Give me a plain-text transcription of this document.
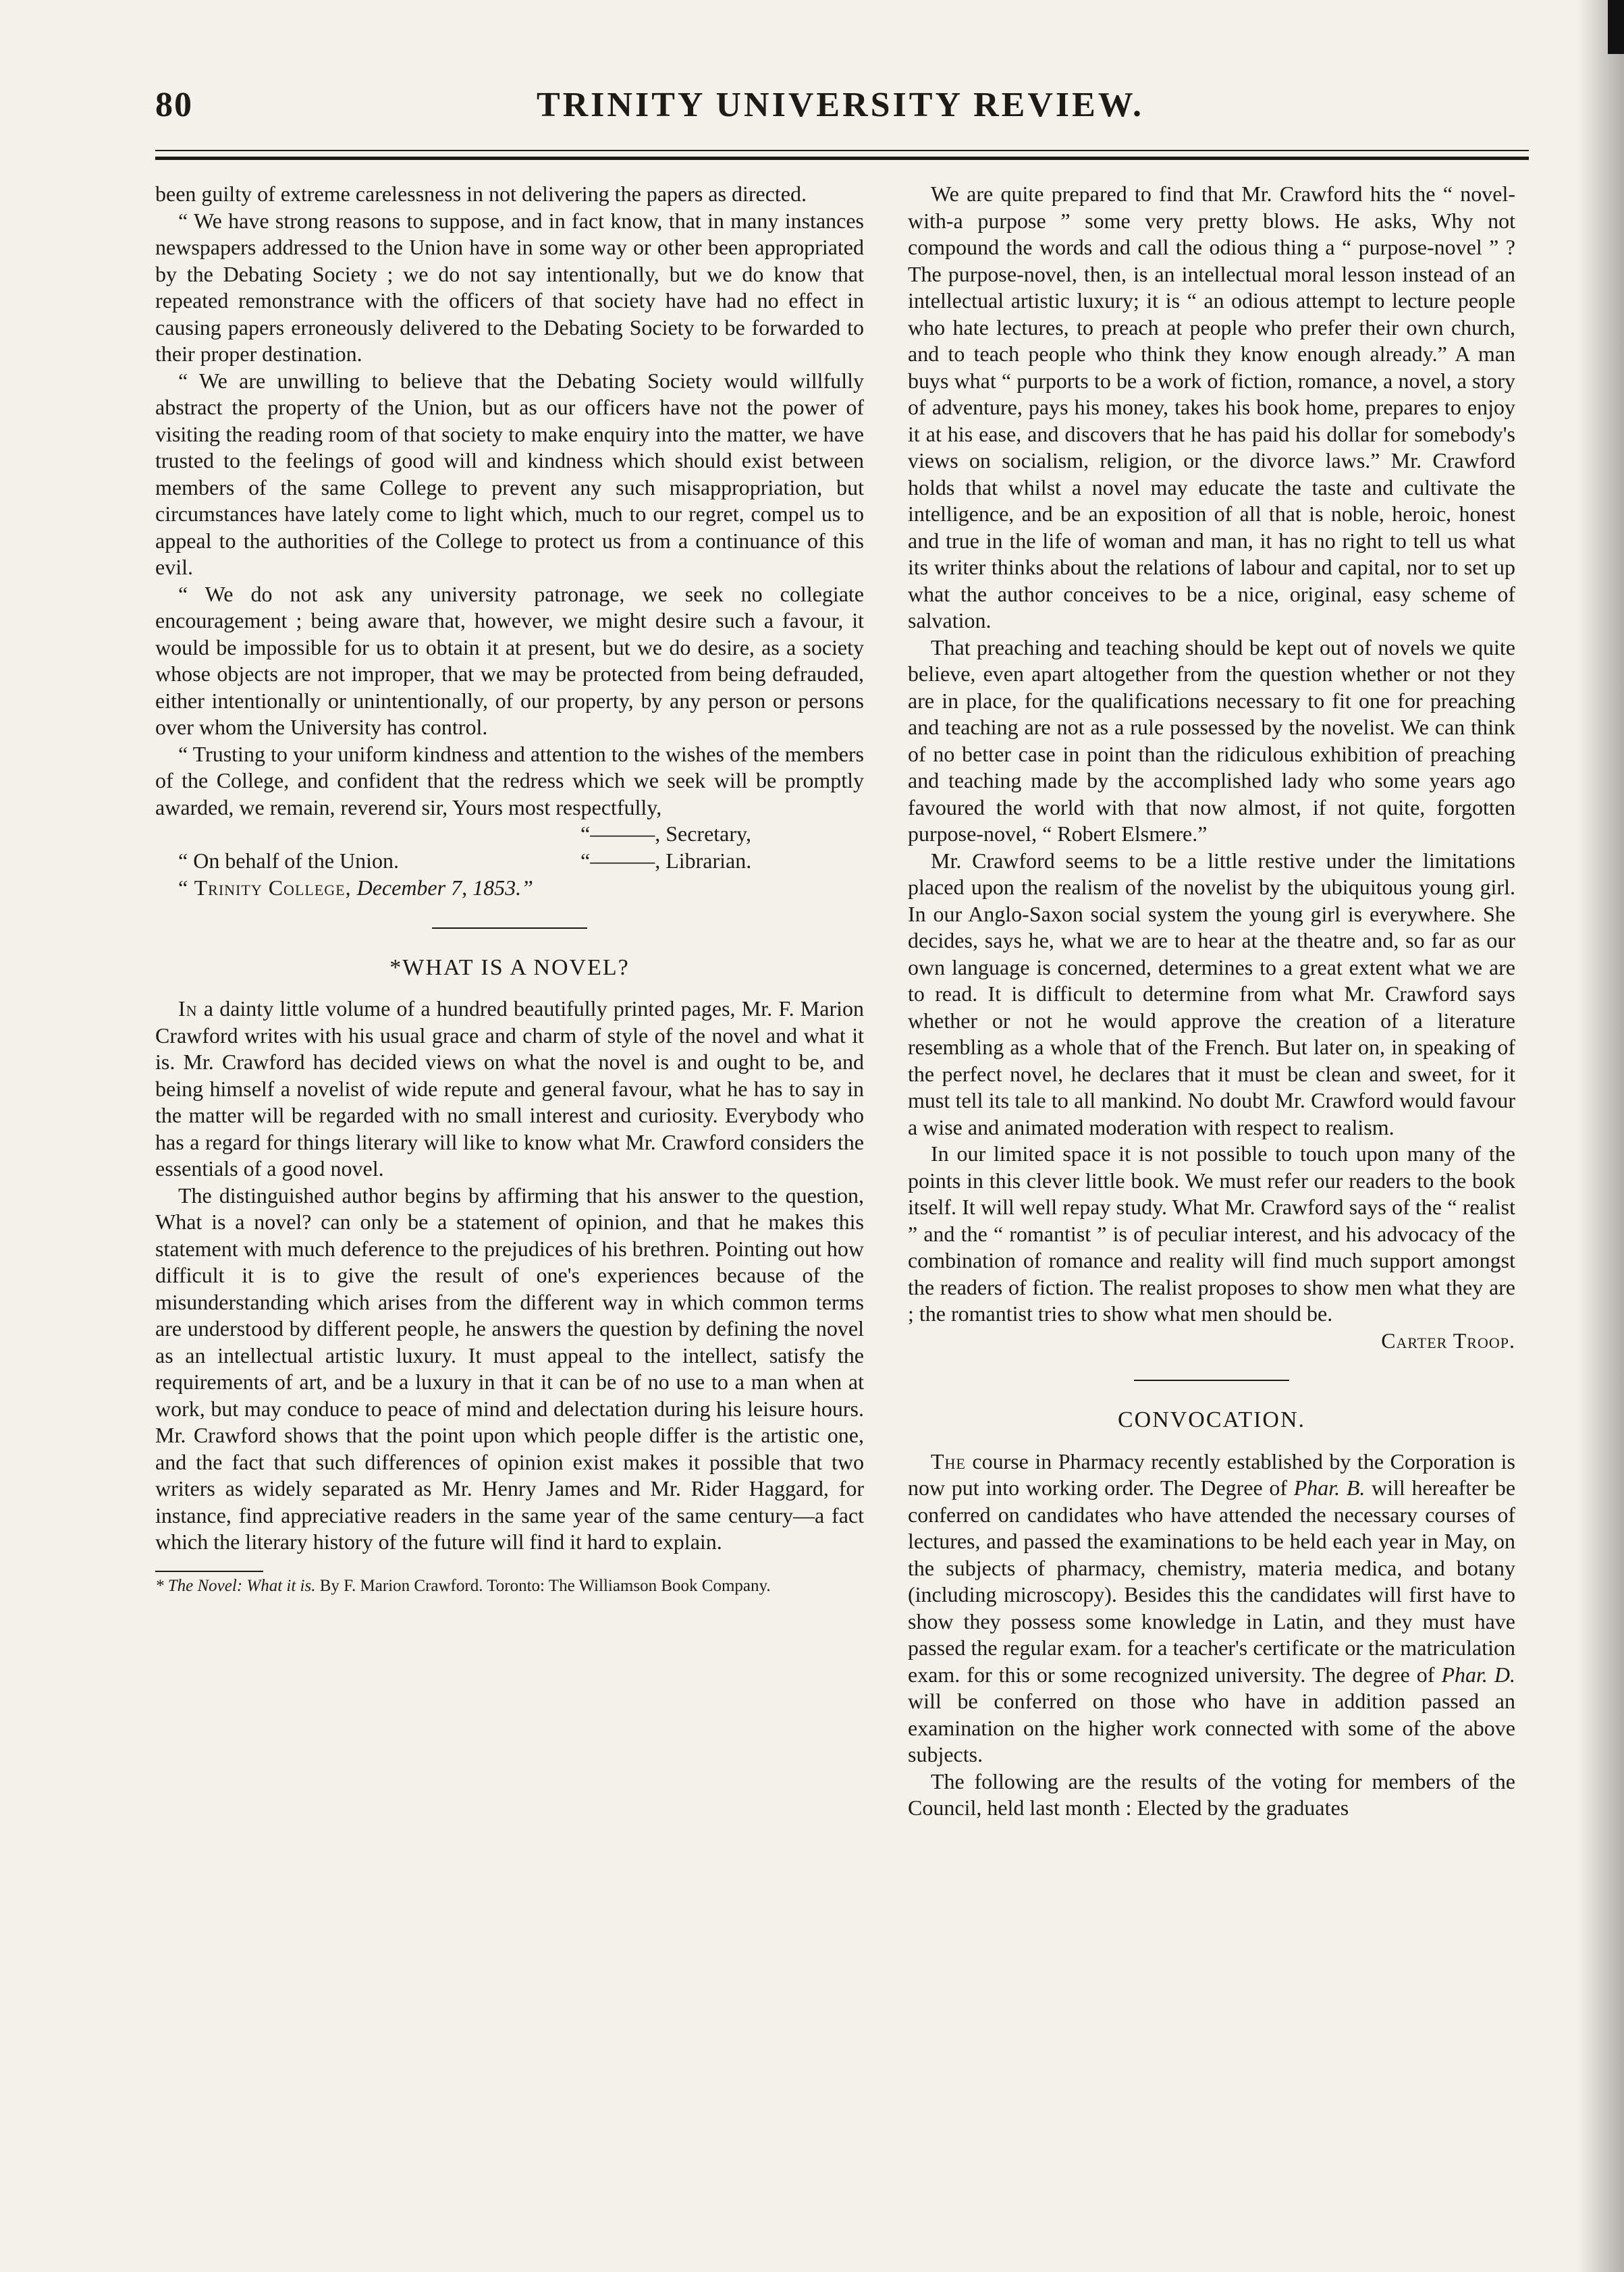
80	TRINITY UNIVERSITY REVIEW.

been guilty of extreme carelessness in not delivering the papers as directed.

“ We have strong reasons to suppose, and in fact know, that in many instances newspapers addressed to the Union have in some way or other been appropriated by the Debating Society ; we do not say intentionally, but we do know that repeated remonstrance with the officers of that society have had no effect in causing papers erroneously delivered to the Debating Society to be forwarded to their proper destination.

“ We are unwilling to believe that the Debating Society would willfully abstract the property of the Union, but as our officers have not the power of visiting the reading room of that society to make enquiry into the matter, we have trusted to the feelings of good will and kindness which should exist between members of the same College to prevent any such misappropriation, but circumstances have lately come to light which, much to our regret, compel us to appeal to the authorities of the College to protect us from a continuance of this evil.

“ We do not ask any university patronage, we seek no collegiate encouragement ; being aware that, however, we might desire such a favour, it would be impossible for us to obtain it at present, but we do desire, as a society whose objects are not improper, that we may be protected from being defrauded, either intentionally or unintentionally, of our property, by any person or persons over whom the University has control.

“ Trusting to your uniform kindness and attention to the wishes of the members of the College, and confident that the redress which we seek will be promptly awarded, we remain, reverend sir, Yours most respectfully,

“———, Secretary,
“ On behalf of the Union.	“———, Librarian.

“ Trinity College, December 7, 1853.”

*WHAT IS A NOVEL?

In a dainty little volume of a hundred beautifully printed pages, Mr. F. Marion Crawford writes with his usual grace and charm of style of the novel and what it is. Mr. Crawford has decided views on what the novel is and ought to be, and being himself a novelist of wide repute and general favour, what he has to say in the matter will be regarded with no small interest and curiosity. Everybody who has a regard for things literary will like to know what Mr. Crawford considers the essentials of a good novel.

The distinguished author begins by affirming that his answer to the question, What is a novel? can only be a statement of opinion, and that he makes this statement with much deference to the prejudices of his brethren. Pointing out how difficult it is to give the result of one's experiences because of the misunderstanding which arises from the different way in which common terms are understood by different people, he answers the question by defining the novel as an intellectual artistic luxury. It must appeal to the intellect, satisfy the requirements of art, and be a luxury in that it can be of no use to a man when at work, but may conduce to peace of mind and delectation during his leisure hours. Mr. Crawford shows that the point upon which people differ is the artistic one, and the fact that such differences of opinion exist makes it possible that two writers as widely separated as Mr. Henry James and Mr. Rider Haggard, for instance, find appreciative readers in the same year of the same century—a fact which the literary history of the future will find it hard to explain.

* The Novel: What it is. By F. Marion Crawford. Toronto: The Williamson Book Company.

We are quite prepared to find that Mr. Crawford hits the “ novel-with-a purpose ” some very pretty blows. He asks, Why not compound the words and call the odious thing a “ purpose-novel ” ? The purpose-novel, then, is an intellectual moral lesson instead of an intellectual artistic luxury; it is “ an odious attempt to lecture people who hate lectures, to preach at people who prefer their own church, and to teach people who think they know enough already.” A man buys what “ purports to be a work of fiction, romance, a novel, a story of adventure, pays his money, takes his book home, prepares to enjoy it at his ease, and discovers that he has paid his dollar for somebody's views on socialism, religion, or the divorce laws.” Mr. Crawford holds that whilst a novel may educate the taste and cultivate the intelligence, and be an exposition of all that is noble, heroic, honest and true in the life of woman and man, it has no right to tell us what its writer thinks about the relations of labour and capital, nor to set up what the author conceives to be a nice, original, easy scheme of salvation.

That preaching and teaching should be kept out of novels we quite believe, even apart altogether from the question whether or not they are in place, for the qualifications necessary to fit one for preaching and teaching are not as a rule possessed by the novelist. We can think of no better case in point than the ridiculous exhibition of preaching and teaching made by the accomplished lady who some years ago favoured the world with that now almost, if not quite, forgotten purpose-novel, “ Robert Elsmere.”

Mr. Crawford seems to be a little restive under the limitations placed upon the realism of the novelist by the ubiquitous young girl. In our Anglo-Saxon social system the young girl is everywhere. She decides, says he, what we are to hear at the theatre and, so far as our own language is concerned, determines to a great extent what we are to read. It is difficult to determine from what Mr. Crawford says whether or not he would approve the creation of a literature resembling as a whole that of the French. But later on, in speaking of the perfect novel, he declares that it must be clean and sweet, for it must tell its tale to all mankind. No doubt Mr. Crawford would favour a wise and animated moderation with respect to realism.

In our limited space it is not possible to touch upon many of the points in this clever little book. We must refer our readers to the book itself. It will well repay study. What Mr. Crawford says of the “ realist ” and the “ romantist ” is of peculiar interest, and his advocacy of the combination of romance and reality will find much support amongst the readers of fiction. The realist proposes to show men what they are ; the romantist tries to show what men should be.

Carter Troop.

CONVOCATION.

The course in Pharmacy recently established by the Corporation is now put into working order. The Degree of Phar. B. will hereafter be conferred on candidates who have attended the necessary courses of lectures, and passed the examinations to be held each year in May, on the subjects of pharmacy, chemistry, materia medica, and botany (including microscopy). Besides this the candidates will first have to show they possess some knowledge in Latin, and they must have passed the regular exam. for a teacher's certificate or the matriculation exam. for this or some recognized university. The degree of Phar. D. will be conferred on those who have in addition passed an examination on the higher work connected with some of the above subjects.

The following are the results of the voting for members of the Council, held last month : Elected by the graduates
